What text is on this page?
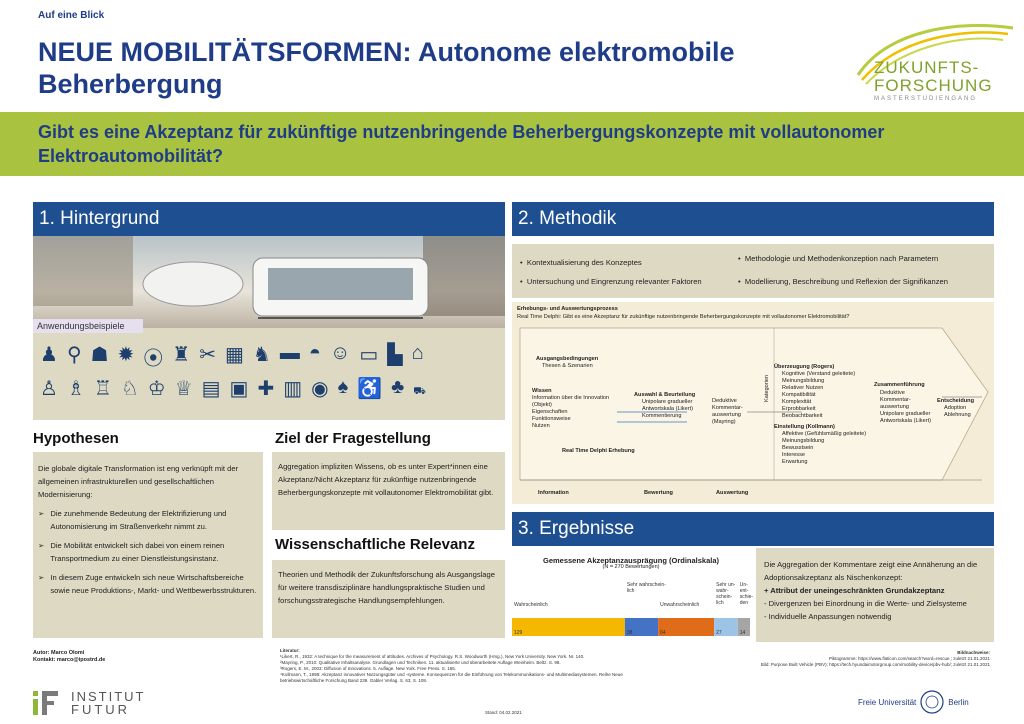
Auf eine Blick
NEUE MOBILITÄTSFORMEN: Autonome elektromobile Beherbergung
ZUKUNFTS-
FORSCHUNG
MASTERSTUDIENGANG
Gibt es eine Akzeptanz für zukünftige nutzenbringende Beherbergungskonzepte mit vollautonomer Elektroautomobilität?
1. Hintergrund
Anwendungsbeispiele
♟ ⚲ ☗ ✹ ⦿ ♜ ✂ ▦ ♞ ▬ ◓ ☺ ▭ ▙ ⌂
♙ ♗ ♖ ♘ ♔ ♕ ▤ ▣ ✚ ▥ ◉ ♠ ♿ ♣ ⛟
Hypothesen
Die globale digitale Transformation ist eng verknüpft mit der allgemeinen infrastrukturellen und gesellschaftlichen Modernisierung:
➢ Die zunehmende Bedeutung der Elektrifizierung und Autonomisierung im Straßenverkehr nimmt zu.
➢ Die Mobilität entwickelt sich dabei von einem reinen Transportmedium zu einer Dienstleistungsinstanz.
➢ In diesem Zuge entwickeln sich neue Wirtschaftsbereiche sowie neue Produktions-, Markt- und Wettbewerbsstrukturen.
Ziel der Fragestellung
Aggregation impliziten Wissens, ob es unter Expert*innen eine Akzeptanz/Nicht Akzeptanz für zukünftige nutzenbringende Beherbergungskonzepte mit vollautonomer Elektromobilität gibt.
Wissenschaftliche Relevanz
Theorien und Methodik der Zukunftsforschung als Ausgangslage für weitere transdisziplinäre handlungspraktische Studien und forschungsstrategische Handlungsempfehlungen.
2. Methodik
•  Kontextualisierung des Konzeptes	•  Methodologie und Methodenkonzeption nach Parametern
•  Untersuchung und Eingrenzung relevanter Faktoren	•  Modellierung, Beschreibung und Reflexion der Signifikanzen
Erhebungs- und Auswertungsprozess
Real Time Delphi: Gibt es eine Akzeptanz für zukünftige nutzenbringende Beherbergungskonzepte mit vollautonomer Elektromobilität?
Ausgangsbedingungen
Thesen & Szenarien
Wissen
Information über die Innovation (Objekt)
Eigenschaften
Funktionsweise
Nutzen
Auswahl & Beurteilung
Unipolare gradueller Antwortskala (Likert)
Kommentierung
Deduktive Kommentar-auswertung (Mayring)
Kategorien
Überzeugung (Rogers)
Kognitive (Verstand geleitete) Meinungsbildung
Relativer Nutzen
Kompatibilität
Komplexität
Erprobbarkeit
Beobachtbarkeit
Einstellung (Kollmann)
Affektive (Gefühlsmäßig geleitete) Meinungsbildung
Bewusstsein
Interesse
Erwartung
Zusammenführung
Deduktive Kommentar-auswertung
Unipolare gradueller Antwortskala (Likert)
Entscheidung
Adoption
Ablehnung
Real Time Delphi Erhebung
Information	Bewertung	Auswertung
3. Ergebnisse
Gemessene Akzeptanzausprägung (Ordinalskala)
(N = 270 Bewertungen)
129
Wahrscheinlich
38
Sehr wahrschein-
lich
64
Unwahrscheinlich
27
Sehr un-
wahr-
schein-
lich
14
Un-
ent-
schie-
den
Die Aggregation der Kommentare zeigt eine Annäherung an die Adoptionsakzeptanz als Nischenkonzept:
+ Attribut der uneingeschränkten Grundakzeptanz
- Divergenzen bei Einordnung in die Werte- und Zielsysteme
- Individuelle Anpassungen notwendig
Autor: Marco Olomi
Kontakt: marco@ipostrd.de
Literatur:
¹Likert, R., 1932: A technique for the measurement of attitudes. Archives of Psychology. R.S. Woodworth (Hrsg.), New York University. New York. Nr. 140.
²Mayring, P., 2010: Qualitative Inhaltsanalyse. Grundlagen und Techniken. 11. aktualisierte und überarbeitete Auflage Weinheim. Beltz. S. 98.
³Rogers, E. M., 2003: Diffusion of Innovations. 5. Auflage. New York. Free Press. S. 165.
⁴Kollmann, T., 1998: Akzeptanz innovativer Nutzungsgüter und -systeme. Konsequenzen für die Einführung von Telekommunikations- und Multimediasystemen. Reihe Neue betriebswirtschaftliche Forschung Band 239. Gabler Verlag. S. 63, S. 108.
Stand: 04.02.2021
Bildnachweise:
Piktogramme: https://www.flaticon.com/search?word=rescue ; zuletzt 21.01.2021
Bild: Purpose Built Vehicle (PBV): https://tech.hyundaimotorgroup.com/mobility-device/pbv-hub/; zuletzt 21.01.2021
INSTITUT
FUTUR	Freie Universität	Berlin
